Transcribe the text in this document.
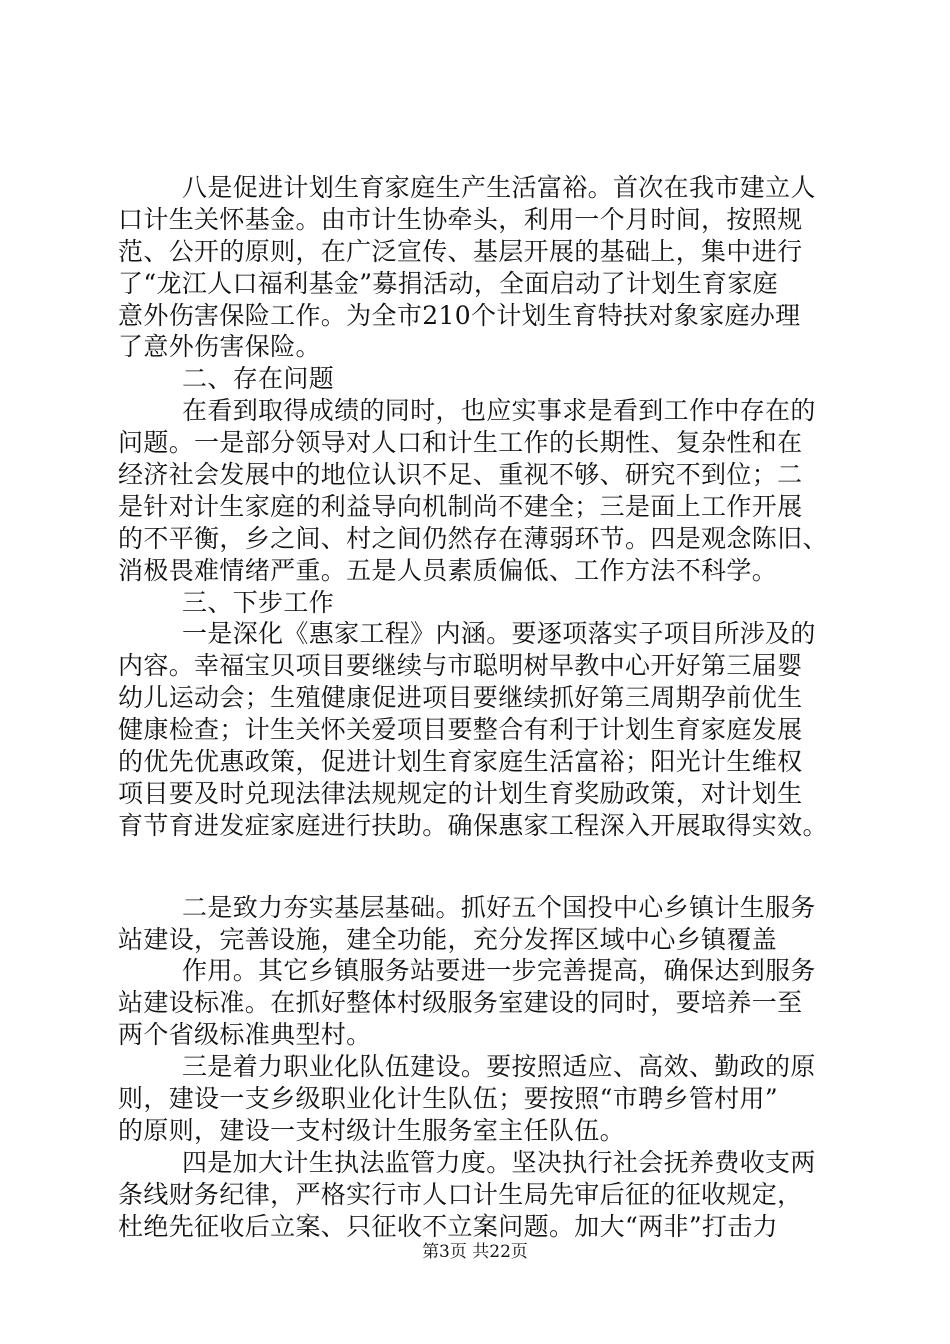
八是促进计划生育家庭生产生活富裕。首次在我市建立人
口计生关怀基金。由市计生协牵头，利用一个月时间，按照规
范、公开的原则，在广泛宣传、基层开展的基础上，集中进行
了“龙江人口福利基金”募捐活动，全面启动了计划生育家庭
意外伤害保险工作。为全市210个计划生育特扶对象家庭办理
了意外伤害保险。
二、存在问题
在看到取得成绩的同时，也应实事求是看到工作中存在的
问题。一是部分领导对人口和计生工作的长期性、复杂性和在
经济社会发展中的地位认识不足、重视不够、研究不到位；二
是针对计生家庭的利益导向机制尚不建全；三是面上工作开展
的不平衡，乡之间、村之间仍然存在薄弱环节。四是观念陈旧、
消极畏难情绪严重。五是人员素质偏低、工作方法不科学。
三、下步工作
一是深化《惠家工程》内涵。要逐项落实子项目所涉及的
内容。幸福宝贝项目要继续与市聪明树早教中心开好第三届婴
幼儿运动会；生殖健康促进项目要继续抓好第三周期孕前优生
健康检查；计生关怀关爱项目要整合有利于计划生育家庭发展
的优先优惠政策，促进计划生育家庭生活富裕；阳光计生维权
项目要及时兑现法律法规规定的计划生育奖励政策，对计划生
育节育进发症家庭进行扶助。确保惠家工程深入开展取得实效。
二是致力夯实基层基础。抓好五个国投中心乡镇计生服务
站建设，完善设施，建全功能，充分发挥区域中心乡镇覆盖
作用。其它乡镇服务站要进一步完善提高，确保达到服务
站建设标准。在抓好整体村级服务室建设的同时，要培养一至
两个省级标准典型村。
三是着力职业化队伍建设。要按照适应、高效、勤政的原
则，建设一支乡级职业化计生队伍；要按照“市聘乡管村用”
的原则，建设一支村级计生服务室主任队伍。
四是加大计生执法监管力度。坚决执行社会抚养费收支两
条线财务纪律，严格实行市人口计生局先审后征的征收规定，
杜绝先征收后立案、只征收不立案问题。加大“两非”打击力
第3页 共22页
